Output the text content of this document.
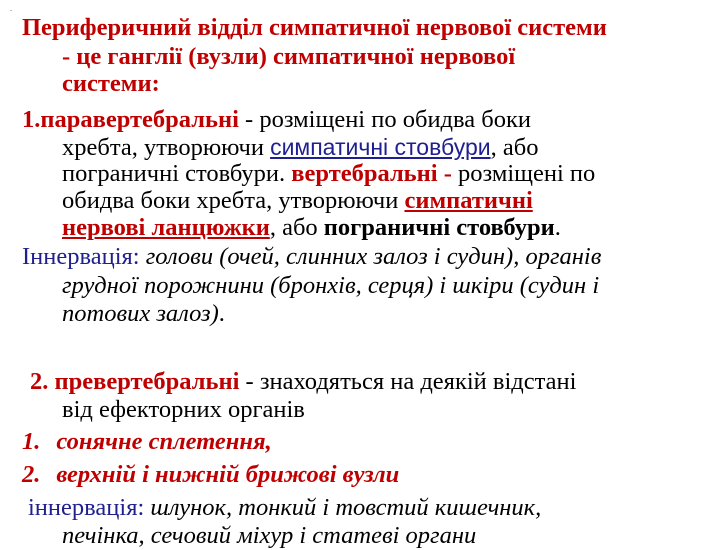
.
Периферичний відділ симпатичної нервової системи
- це ганглії (вузли) симпатичної нервової
системи:
1.паравертебральні - розміщені по обидва боки
хребта, утворюючи симпатичні стовбури, або
пограничні стовбури. вертебральні - розміщені по
обидва боки хребта, утворюючи симпатичні
нервові ланцюжки, або пограничні стовбури.
Іннервація: голови (очей, слинних залоз і судин), органів
грудної порожнини (бронхів, серця) і шкіри (судин і
потових залоз).
2. превертебральні - знаходяться на деякій відстані
від ефекторних органів
1. сонячне сплетення,
2. верхній і нижній брижові вузли
іннервація: шлунок, тонкий і товстий кишечник,
печінка, сечовий міхур і статеві органи
